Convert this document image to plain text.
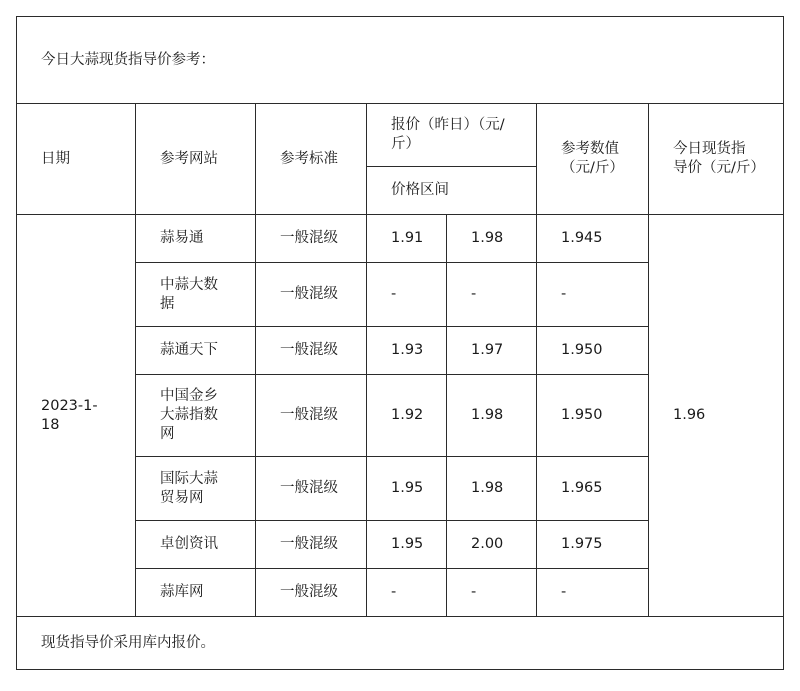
今日大蒜现货指导价参考：						
日期	参考网站	参考标准	报价（昨日）（元/斤）		参考数值（元/斤）	今日现货指导价（元/斤）
			价格区间			
2023-1-18	蒜易通	一般混级	1.91	1.98	1.945	1.96
	中蒜大数据	一般混级	-	-	-	
	蒜通天下	一般混级	1.93	1.97	1.950	
	中国金乡大蒜指数网	一般混级	1.92	1.98	1.950	
	国际大蒜贸易网	一般混级	1.95	1.98	1.965	
	卓创资讯	一般混级	1.95	2.00	1.975	
	蒜库网	一般混级	-	-	-	
现货指导价采用库内报价。						
